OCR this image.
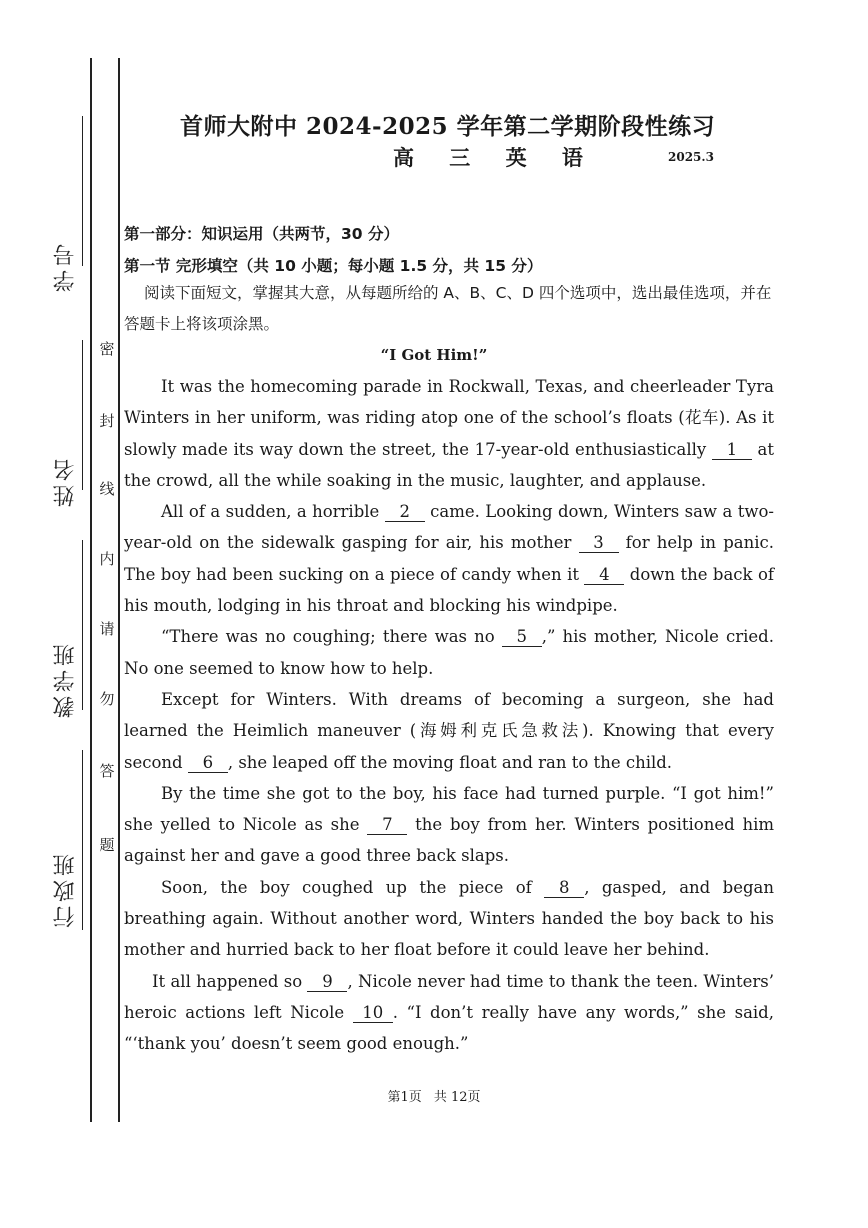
学号
姓名
教学班
行政班
密
封
线
内
请
勿
答
题
首师大附中 2024-2025 学年第二学期阶段性练习
高 三 英 语	2025.3
第一部分：知识运用（共两节，30 分）
第一节 完形填空（共 10 小题；每小题 1.5 分，共 15 分）
阅读下面短文，掌握其大意，从每题所给的 A、B、C、D 四个选项中，选出最佳选项，并在答题卡上将该项涂黑。
“I Got Him!”

It was the homecoming parade in Rockwall, Texas, and cheerleader Tyra Winters in her uniform, was riding atop one of the school’s floats (花车). As it slowly made its way down the street, the 17-year-old enthusiastically 1 at the crowd, all the while soaking in the music, laughter, and applause.

All of a sudden, a horrible 2 came. Looking down, Winters saw a two-year-old on the sidewalk gasping for air, his mother 3 for help in panic. The boy had been sucking on a piece of candy when it 4 down the back of his mouth, lodging in his throat and blocking his windpipe.

“There was no coughing; there was no 5 ,” his mother, Nicole cried. No one seemed to know how to help.

Except for Winters. With dreams of becoming a surgeon, she had learned the Heimlich maneuver (海姆利克氏急救法). Knowing that every second 6 , she leaped off the moving float and ran to the child.

By the time she got to the boy, his face had turned purple. “I got him!” she yelled to Nicole as she 7 the boy from her. Winters positioned him against her and gave a good three back slaps.

Soon, the boy coughed up the piece of 8 , gasped, and began breathing again. Without another word, Winters handed the boy back to his mother and hurried back to her float before it could leave her behind.

It all happened so 9 , Nicole never had time to thank the teen. Winters’ heroic actions left Nicole 10 . “I don’t really have any words,” she said, “‘thank you’ doesn’t seem good enough.”

第1页 共 12页
